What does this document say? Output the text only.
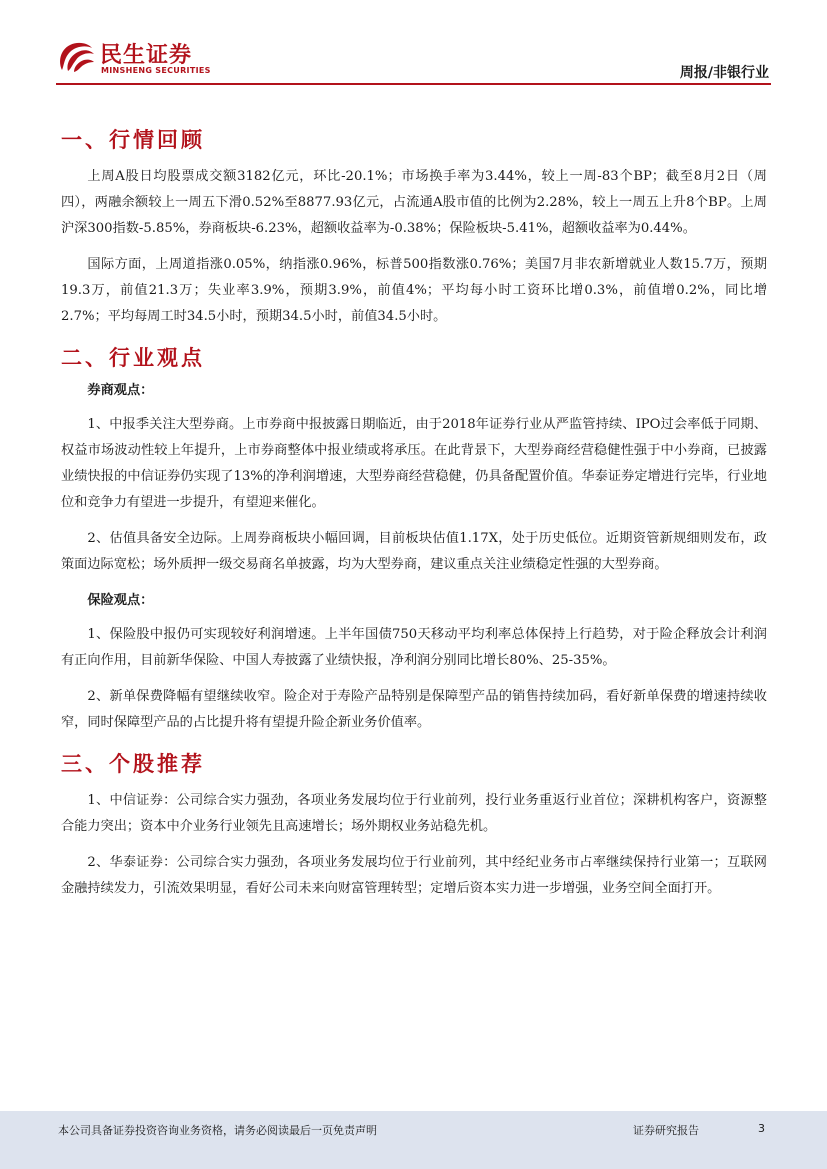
民生证券
MINSHENG SECURITIES	周报/非银行业
一、行情回顾

上周A股日均股票成交额3182亿元，环比-20.1%；市场换手率为3.44%，较上一周-83个BP；截至8月2日（周四），两融余额较上一周五下滑0.52%至8877.93亿元，占流通A股市值的比例为2.28%，较上一周五上升8个BP。上周沪深300指数-5.85%，券商板块-6.23%，超额收益率为-0.38%；保险板块-5.41%，超额收益率为0.44%。

国际方面，上周道指涨0.05%，纳指涨0.96%，标普500指数涨0.76%；美国7月非农新增就业人数15.7万，预期19.3万，前值21.3万；失业率3.9%，预期3.9%，前值4%；平均每小时工资环比增0.3%，前值增0.2%，同比增2.7%；平均每周工时34.5小时，预期34.5小时，前值34.5小时。

二、行业观点

券商观点：

1、中报季关注大型券商。上市券商中报披露日期临近，由于2018年证券行业从严监管持续、IPO过会率低于同期、权益市场波动性较上年提升，上市券商整体中报业绩或将承压。在此背景下，大型券商经营稳健性强于中小券商，已披露业绩快报的中信证券仍实现了13%的净利润增速，大型券商经营稳健，仍具备配置价值。华泰证券定增进行完毕，行业地位和竞争力有望进一步提升，有望迎来催化。

2、估值具备安全边际。上周券商板块小幅回调，目前板块估值1.17X，处于历史低位。近期资管新规细则发布，政策面边际宽松；场外质押一级交易商名单披露，均为大型券商，建议重点关注业绩稳定性强的大型券商。

保险观点：

1、保险股中报仍可实现较好利润增速。上半年国债750天移动平均利率总体保持上行趋势，对于险企释放会计利润有正向作用，目前新华保险、中国人寿披露了业绩快报，净利润分别同比增长80%、25-35%。

2、新单保费降幅有望继续收窄。险企对于寿险产品特别是保障型产品的销售持续加码，看好新单保费的增速持续收窄，同时保障型产品的占比提升将有望提升险企新业务价值率。

三、个股推荐

1、中信证券：公司综合实力强劲，各项业务发展均位于行业前列，投行业务重返行业首位；深耕机构客户，资源整合能力突出；资本中介业务行业领先且高速增长；场外期权业务站稳先机。

2、华泰证券：公司综合实力强劲，各项业务发展均位于行业前列，其中经纪业务市占率继续保持行业第一；互联网金融持续发力，引流效果明显，看好公司未来向财富管理转型；定增后资本实力进一步增强，业务空间全面打开。

本公司具备证券投资咨询业务资格，请务必阅读最后一页免责声明	证券研究报告	3
